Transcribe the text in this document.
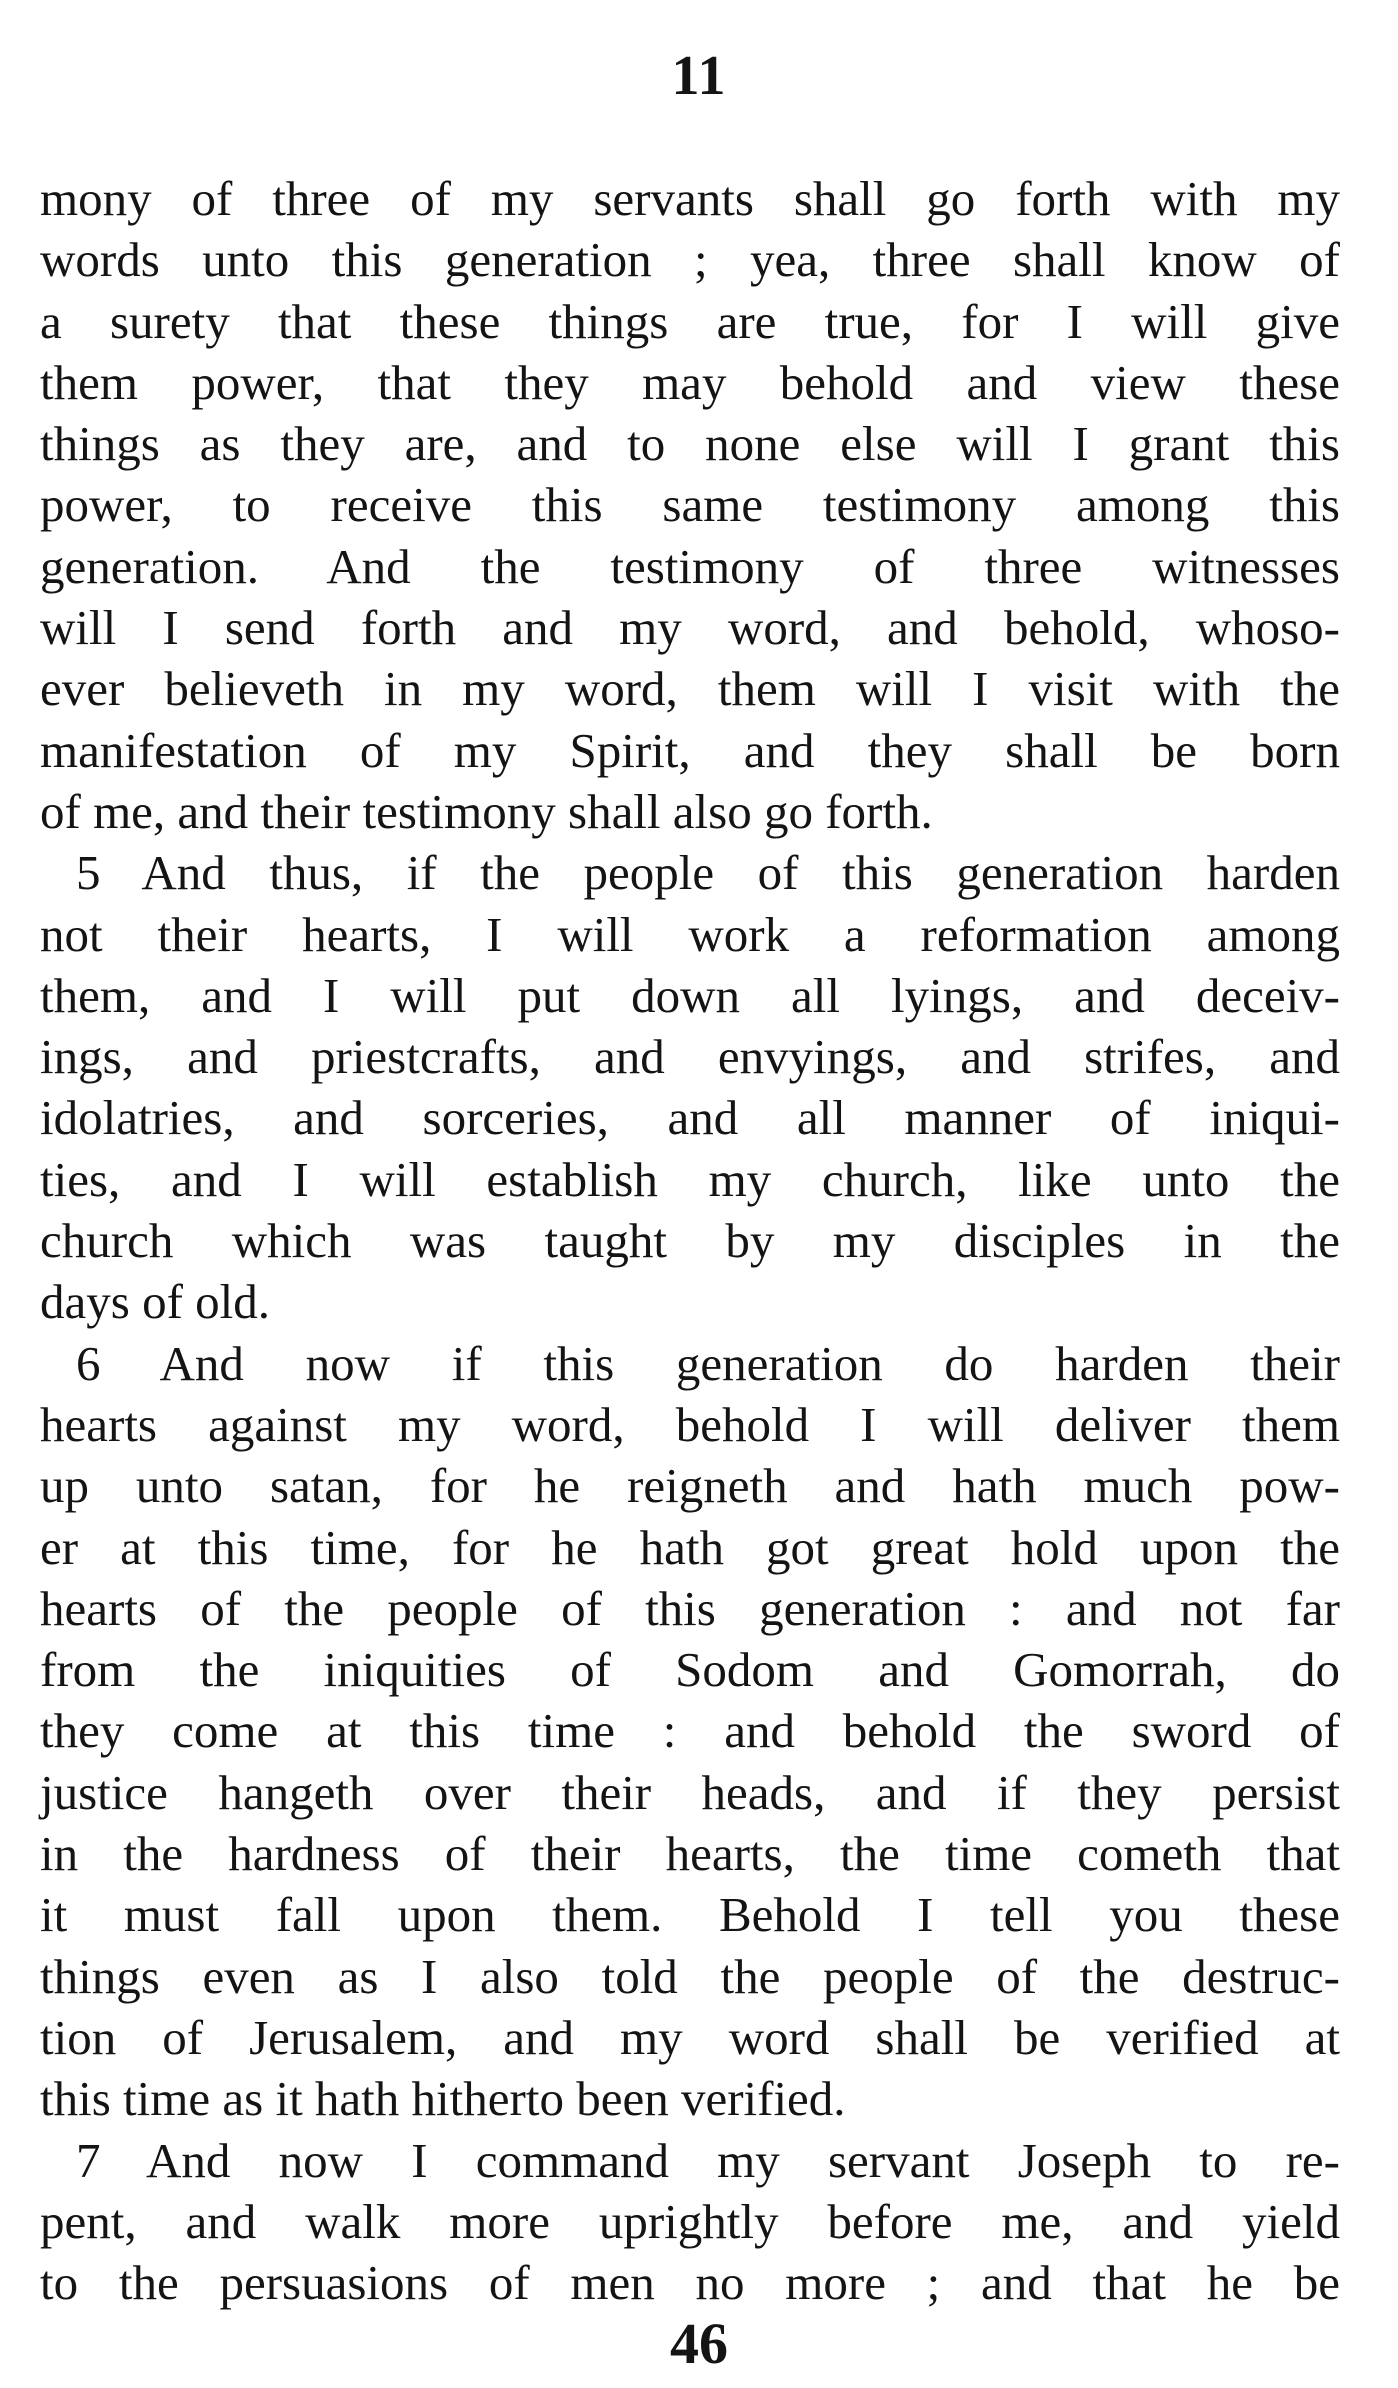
11
mony of three of my servants shall go forth with my
words unto this generation ; yea, three shall know of
a surety that these things are true, for I will give
them power, that they may behold and view these
things as they are, and to none else will I grant this
power, to receive this same testimony among this
generation. And the testimony of three witnesses
will I send forth and my word, and behold, whoso-
ever believeth in my word, them will I visit with the
manifestation of my Spirit, and they shall be born
of me, and their testimony shall also go forth.
5 And thus, if the people of this generation harden
not their hearts, I will work a reformation among
them, and I will put down all lyings, and deceiv-
ings, and priestcrafts, and envyings, and strifes, and
idolatries, and sorceries, and all manner of iniqui-
ties, and I will establish my church, like unto the
church which was taught by my disciples in the
days of old.
6 And now if this generation do harden their
hearts against my word, behold I will deliver them
up unto satan, for he reigneth and hath much pow-
er at this time, for he hath got great hold upon the
hearts of the people of this generation : and not far
from the iniquities of Sodom and Gomorrah, do
they come at this time : and behold the sword of
justice hangeth over their heads, and if they persist
in the hardness of their hearts, the time cometh that
it must fall upon them. Behold I tell you these
things even as I also told the people of the destruc-
tion of Jerusalem, and my word shall be verified at
this time as it hath hitherto been verified.
7 And now I command my servant Joseph to re-
pent, and walk more uprightly before me, and yield
to the persuasions of men no more ; and that he be
46
